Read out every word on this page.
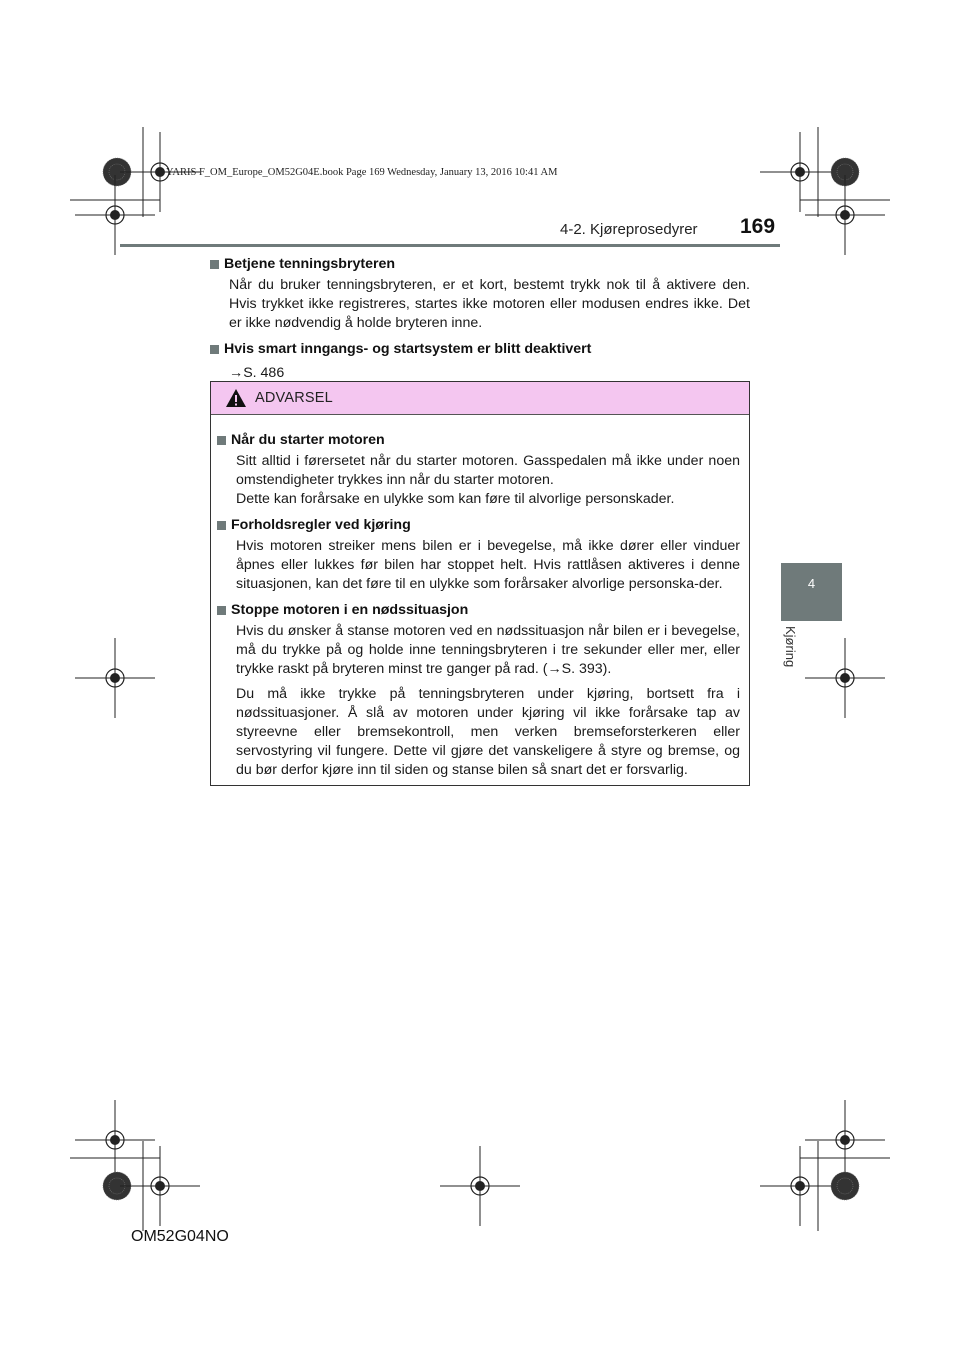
YARIS F_OM_Europe_OM52G04E.book Page 169 Wednesday, January 13, 2016 10:41 AM
4-2. Kjøreprosedyrer 169
4
Kjøring
Betjene tenningsbryteren
Når du bruker tenningsbryteren, er et kort, bestemt trykk nok til å aktivere den. Hvis trykket ikke registreres, startes ikke motoren eller modusen endres ikke. Det er ikke nødvendig å holde bryteren inne.
Hvis smart inngangs- og startsystem er blitt deaktivert
→S. 486
ADVARSEL
Når du starter motoren
Sitt alltid i førersetet når du starter motoren. Gasspedalen må ikke under noen omstendigheter trykkes inn når du starter motoren.
Dette kan forårsake en ulykke som kan føre til alvorlige personskader.
Forholdsregler ved kjøring
Hvis motoren streiker mens bilen er i bevegelse, må ikke dører eller vinduer åpnes eller lukkes før bilen har stoppet helt. Hvis rattlåsen aktiveres i denne situasjonen, kan det føre til en ulykke som forårsaker alvorlige personska-der.
Stoppe motoren i en nødssituasjon
Hvis du ønsker å stanse motoren ved en nødssituasjon når bilen er i bevegelse, må du trykke på og holde inne tenningsbryteren i tre sekunder eller mer, eller trykke raskt på bryteren minst tre ganger på rad. (→S. 393).
Du må ikke trykke på tenningsbryteren under kjøring, bortsett fra i nødssituasjoner. Å slå av motoren under kjøring vil ikke forårsake tap av styreevne eller bremsekontroll, men verken bremseforsterkeren eller servostyring vil fungere. Dette vil gjøre det vanskeligere å styre og bremse, og du bør derfor kjøre inn til siden og stanse bilen så snart det er forsvarlig.
OM52G04NO
